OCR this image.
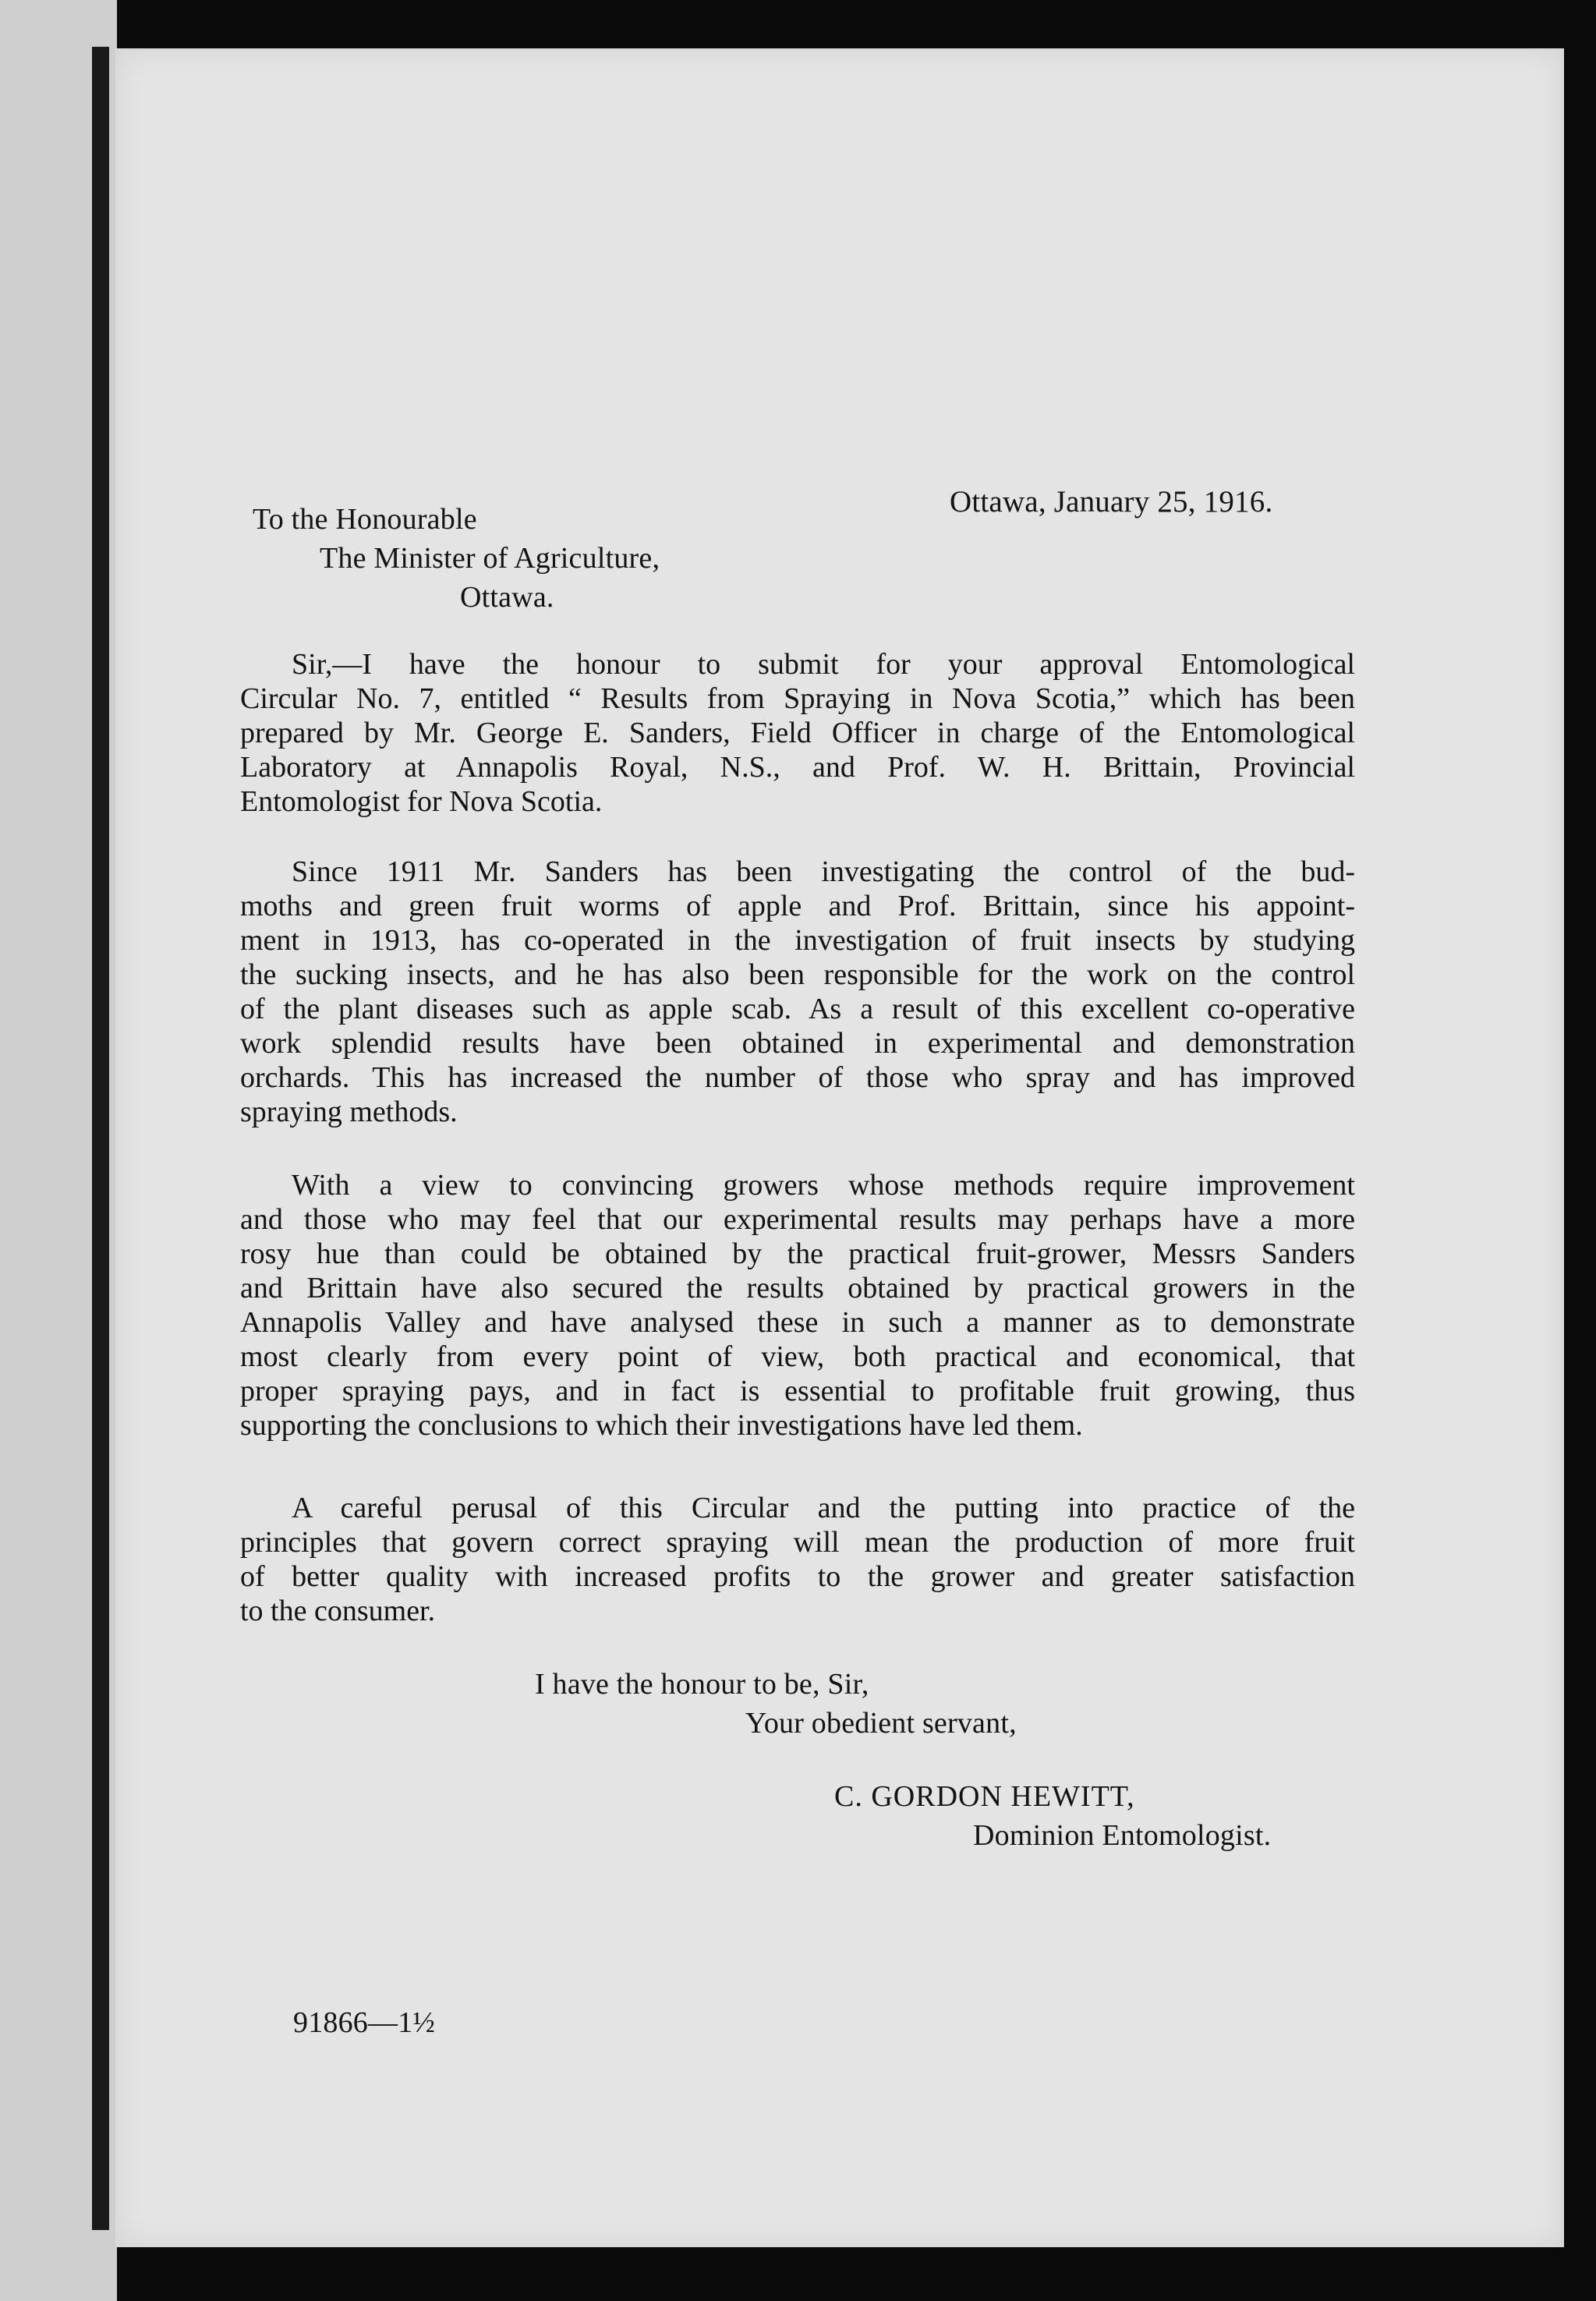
Ottawa, January 25, 1916.
To the Honourable
The Minister of Agriculture,
Ottawa.
Sir,—I have the honour to submit for your approval Entomological
Circular No. 7, entitled “ Results from Spraying in Nova Scotia,” which has been
prepared by Mr. George E. Sanders, Field Officer in charge of the Entomological
Laboratory at Annapolis Royal, N.S., and Prof. W. H. Brittain, Provincial
Entomologist for Nova Scotia.
Since 1911 Mr. Sanders has been investigating the control of the bud-
moths and green fruit worms of apple and Prof. Brittain, since his appoint-
ment in 1913, has co-operated in the investigation of fruit insects by studying
the sucking insects, and he has also been responsible for the work on the control
of the plant diseases such as apple scab. As a result of this excellent co-operative
work splendid results have been obtained in experimental and demonstration
orchards. This has increased the number of those who spray and has improved
spraying methods.
With a view to convincing growers whose methods require improvement
and those who may feel that our experimental results may perhaps have a more
rosy hue than could be obtained by the practical fruit-grower, Messrs Sanders
and Brittain have also secured the results obtained by practical growers in the
Annapolis Valley and have analysed these in such a manner as to demonstrate
most clearly from every point of view, both practical and economical, that
proper spraying pays, and in fact is essential to profitable fruit growing, thus
supporting the conclusions to which their investigations have led them.
A careful perusal of this Circular and the putting into practice of the
principles that govern correct spraying will mean the production of more fruit
of better quality with increased profits to the grower and greater satisfaction
to the consumer.
I have the honour to be, Sir,
Your obedient servant,
C. GORDON HEWITT,
Dominion Entomologist.
91866—1½
